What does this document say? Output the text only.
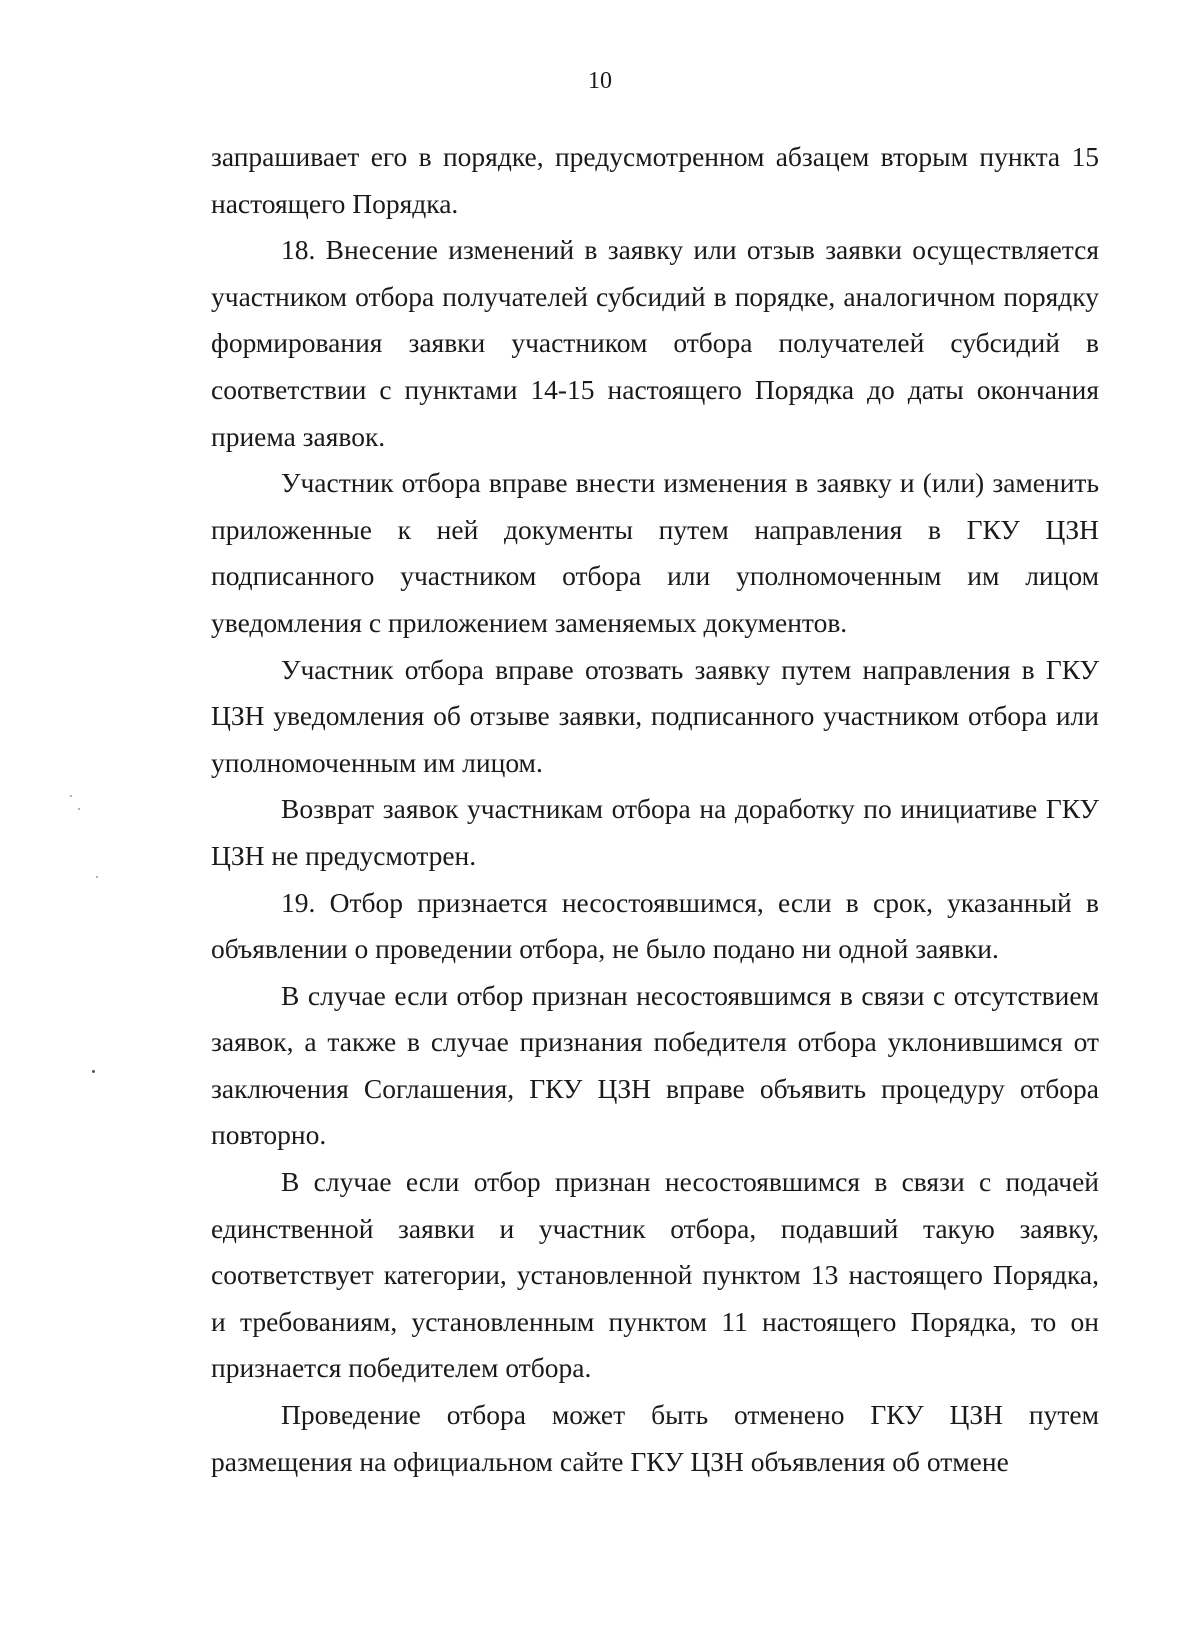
10

запрашивает его в порядке, предусмотренном абзацем вторым пункта 15 настоящего Порядка.

18. Внесение изменений в заявку или отзыв заявки осуществляется участником отбора получателей субсидий в порядке, аналогичном порядку формирования заявки участником отбора получателей субсидий в соответствии с пунктами 14-15 настоящего Порядка до даты окончания приема заявок.

Участник отбора вправе внести изменения в заявку и (или) заменить приложенные к ней документы путем направления в ГКУ ЦЗН подписанного участником отбора или уполномоченным им лицом уведомления с приложением заменяемых документов.

Участник отбора вправе отозвать заявку путем направления в ГКУ ЦЗН уведомления об отзыве заявки, подписанного участником отбора или уполномоченным им лицом.

Возврат заявок участникам отбора на доработку по инициативе ГКУ ЦЗН не предусмотрен.

19. Отбор признается несостоявшимся, если в срок, указанный в объявлении о проведении отбора, не было подано ни одной заявки.

В случае если отбор признан несостоявшимся в связи с отсутствием заявок, а также в случае признания победителя отбора уклонившимся от заключения Соглашения, ГКУ ЦЗН вправе объявить процедуру отбора повторно.

В случае если отбор признан несостоявшимся в связи с подачей единственной заявки и участник отбора, подавший такую заявку, соответствует категории, установленной пунктом 13 настоящего Порядка, и требованиям, установленным пунктом 11 настоящего Порядка, то он признается победителем отбора.

Проведение отбора может быть отменено ГКУ ЦЗН путем размещения на официальном сайте ГКУ ЦЗН объявления об отмене
